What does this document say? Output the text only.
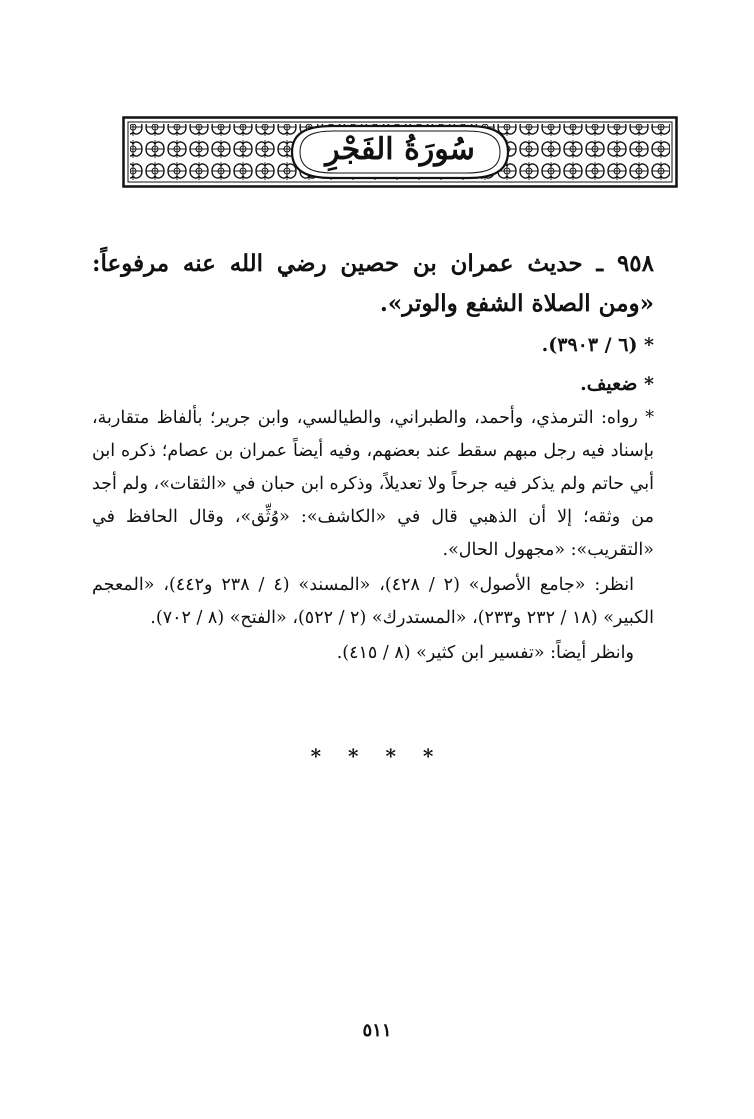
سُورَةُ الفَجْرِ

٩٥٨ ـ حديث عمران بن حصين رضي الله عنه مرفوعاً: «ومن الصلاة الشفع والوتر».

* (٦ / ٣٩٠٣).

* ضعيف.

* رواه: الترمذي، وأحمد، والطبراني، والطيالسي، وابن جرير؛ بألفاظ متقاربة، بإسناد فيه رجل مبهم سقط عند بعضهم، وفيه أيضاً عمران بن عصام؛ ذكره ابن أبي حاتم ولم يذكر فيه جرحاً ولا تعديلاً، وذكره ابن حبان في «الثقات»، ولم أجد من وثقه؛ إلا أن الذهبي قال في «الكاشف»: «وُثِّق»، وقال الحافظ في «التقريب»: «مجهول الحال».

انظر: «جامع الأصول» (٢ / ٤٢٨)، «المسند» (٤ / ٢٣٨ و٤٤٢)، «المعجم الكبير» (١٨ / ٢٣٢ و٢٣٣)، «المستدرك» (٢ / ٥٢٢)، «الفتح» (٨ / ٧٠٢).

وانظر أيضاً: «تفسير ابن كثير» (٨ / ٤١٥).

* * * *
٥١١
